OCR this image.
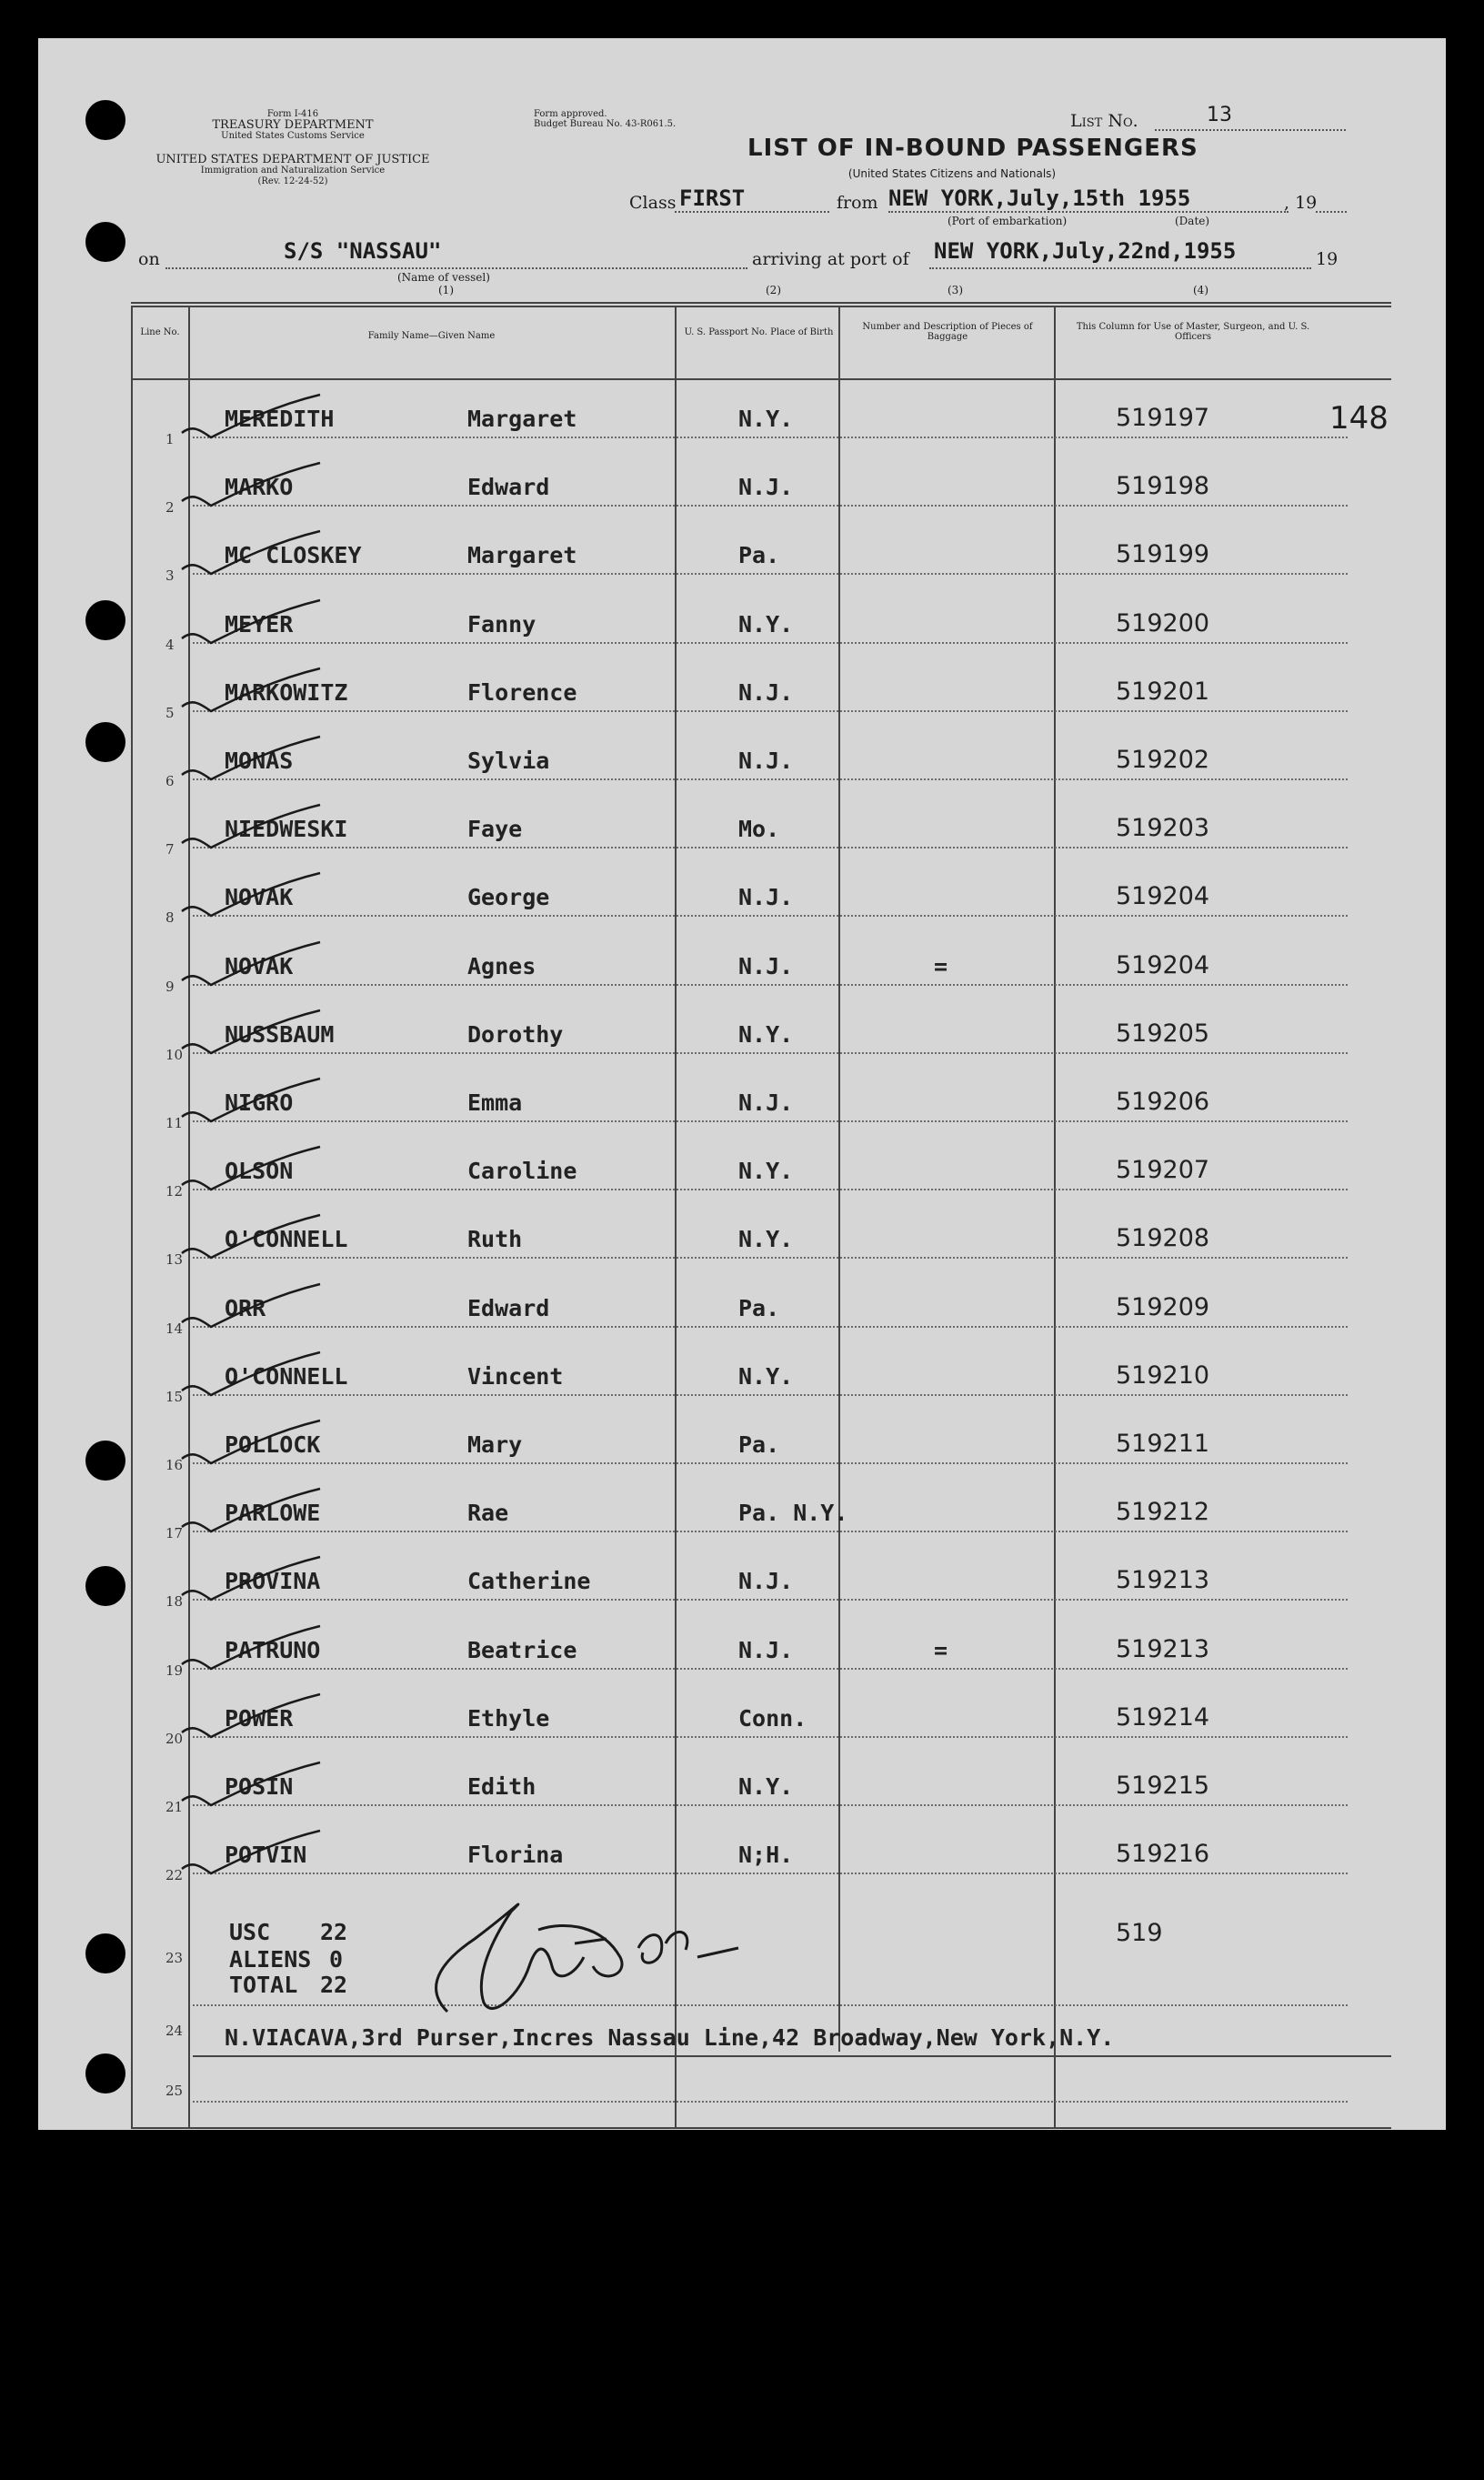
Form I-416
TREASURY DEPARTMENT
United States Customs Service
UNITED STATES DEPARTMENT OF JUSTICE
Immigration and Naturalization Service
(Rev. 12-24-52)
Form approved.
Budget Bureau No. 43-R061.5.
LIST OF IN-BOUND PASSENGERS
(United States Citizens and Nationals)
List No.	13
Class FIRST	from NEW YORK,July,15th 1955	, 19
(Port of embarkation)	(Date)
on	S/S "NASSAU"
(Name of vessel)
arriving at port of NEW YORK,July,22nd,1955	19
(1)	(2)	(3)	(4)
Line No.	Family Name—Given Name	U. S. Passport No. Place of Birth
Number and Description of Pieces of Baggage
This Column for Use of Master, Surgeon, and U. S. Officers
148
1
MEREDITH	Margaret	N.Y.	519197
2
MARKO	Edward	N.J.	519198
3
MC CLOSKEY	Margaret	Pa.	519199
4
MEYER	Fanny	N.Y.	519200
5
MARKOWITZ	Florence	N.J.	519201
6
MONAS	Sylvia	N.J.	519202
7
NIEDWESKI	Faye	Mo.	519203
8
NOVAK	George	N.J.	519204
9
NOVAK	Agnes	N.J.	=	519204
10
NUSSBAUM	Dorothy	N.Y.	519205
11
NIGRO	Emma	N.J.	519206
12
OLSON	Caroline	N.Y.	519207
13
O'CONNELL	Ruth	N.Y.	519208
14
ORR	Edward	Pa.	519209
15
O'CONNELL	Vincent	N.Y.	519210
16
POLLOCK	Mary	Pa.	519211
17
PARLOWE	Rae	Pa. N.Y.	519212
18
PROVINA	Catherine	N.J.	519213
19
PATRUNO	Beatrice	N.J.	=	519213
20
POWER	Ethyle	Conn.	519214
21
POSIN	Edith	N.Y.	519215
22
POTVIN	Florina	N;H.	519216
23
USC 22
ALIENS 0
TOTAL 22
519
24 N.VIACAVA,3rd Purser,Incres Nassau Line,42 Broadway,New York,N.Y.
25
